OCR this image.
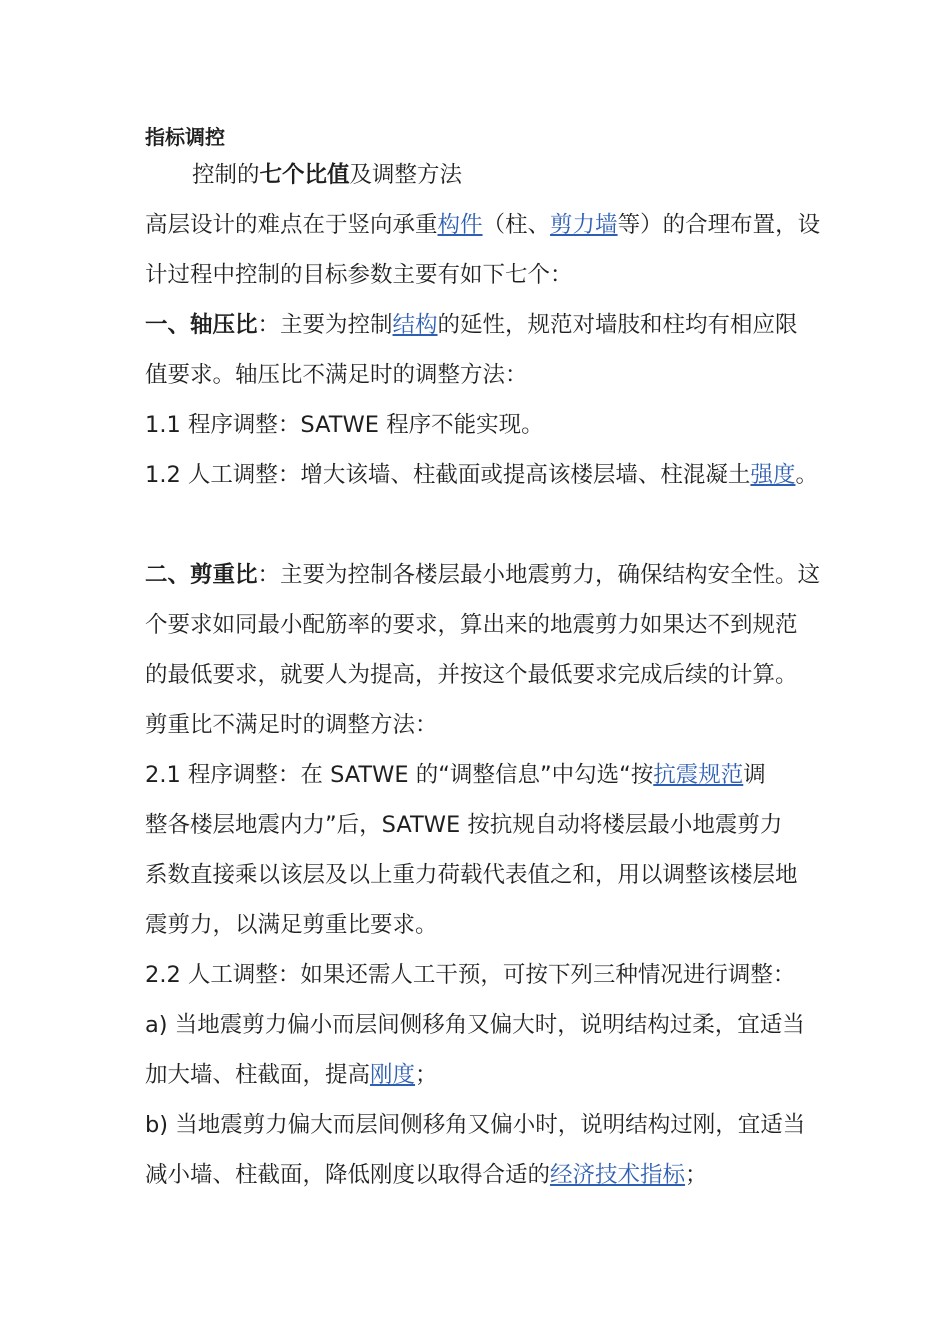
指标调控
控制的七个比值及调整方法
高层设计的难点在于竖向承重构件（柱、剪力墙等）的合理布置，设
计过程中控制的目标参数主要有如下七个：
一、轴压比：主要为控制结构的延性，规范对墙肢和柱均有相应限
值要求。轴压比不满足时的调整方法：
1.1 程序调整：SATWE 程序不能实现。
1.2 人工调整：增大该墙、柱截面或提高该楼层墙、柱混凝土强度。
二、剪重比：主要为控制各楼层最小地震剪力，确保结构安全性。这
个要求如同最小配筋率的要求，算出来的地震剪力如果达不到规范
的最低要求，就要人为提高，并按这个最低要求完成后续的计算。
剪重比不满足时的调整方法：
2.1 程序调整：在 SATWE 的“调整信息”中勾选“按抗震规范调
整各楼层地震内力”后，SATWE 按抗规自动将楼层最小地震剪力
系数直接乘以该层及以上重力荷载代表值之和，用以调整该楼层地
震剪力，以满足剪重比要求。
2.2 人工调整：如果还需人工干预，可按下列三种情况进行调整：
a) 当地震剪力偏小而层间侧移角又偏大时，说明结构过柔，宜适当
加大墙、柱截面，提高刚度；
b) 当地震剪力偏大而层间侧移角又偏小时，说明结构过刚，宜适当
减小墙、柱截面，降低刚度以取得合适的经济技术指标；
